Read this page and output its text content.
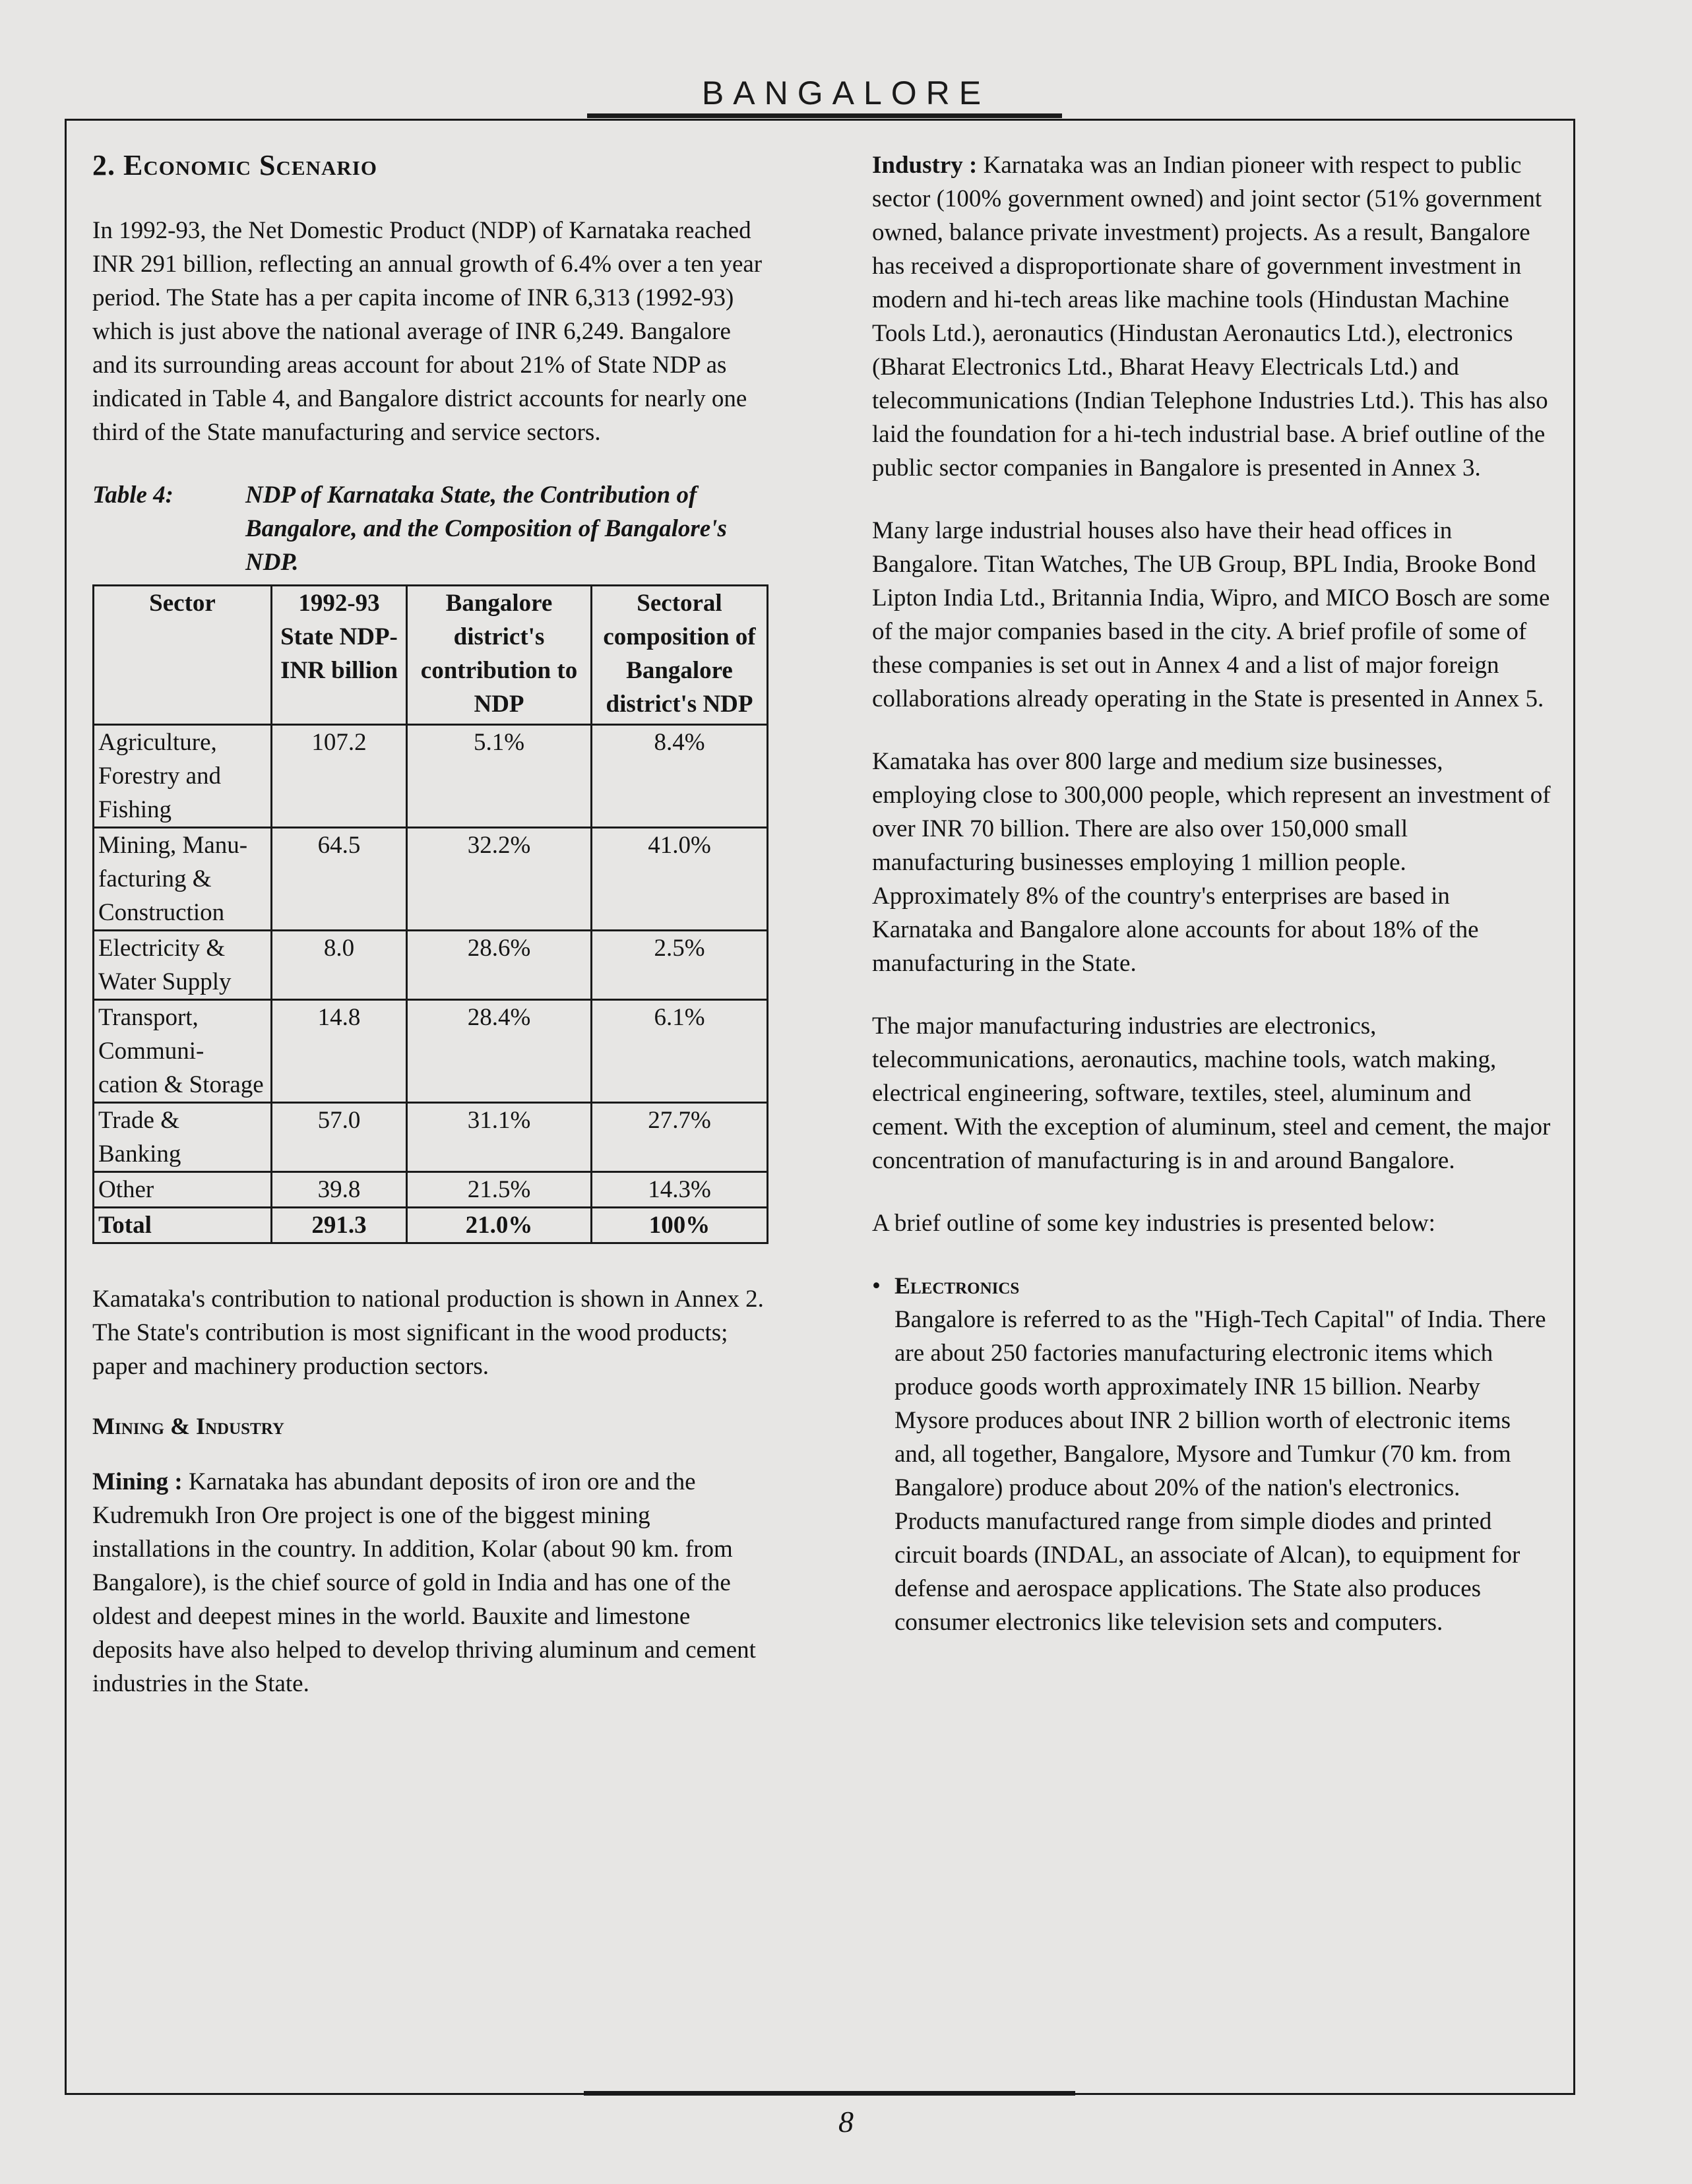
BANGALORE
2. Economic Scenario

In 1992-93, the Net Domestic Product (NDP) of Karnataka reached INR 291 billion, reflecting an annual growth of 6.4% over a ten year period. The State has a per capita income of INR 6,313 (1992-93) which is just above the national average of INR 6,249. Bangalore and its surrounding areas account for about 21% of State NDP as indicated in Table 4, and Bangalore district accounts for nearly one third of the State manufacturing and service sectors.

Table 4:	NDP of Karnataka State, the Contribution of Bangalore, and the Composition of Bangalore's NDP.
Sector	1992-93 State NDP- INR billion	Bangalore district's contribution to NDP	Sectoral composition of Bangalore district's NDP
Agriculture, Forestry and Fishing	107.2	5.1%	8.4%
Mining, Manu- facturing & Construction	64.5	32.2%	41.0%
Electricity & Water Supply	8.0	28.6%	2.5%
Transport, Communi- cation & Storage	14.8	28.4%	6.1%
Trade & Banking	57.0	31.1%	27.7%
Other	39.8	21.5%	14.3%
Total	291.3	21.0%	100%

Kamataka's contribution to national production is shown in Annex 2. The State's contribution is most significant in the wood products; paper and machinery production sectors.

Mining & Industry

Mining : Karnataka has abundant deposits of iron ore and the Kudremukh Iron Ore project is one of the biggest mining installations in the country. In addition, Kolar (about 90 km. from Bangalore), is the chief source of gold in India and has one of the oldest and deepest mines in the world. Bauxite and limestone deposits have also helped to develop thriving aluminum and cement industries in the State.

Industry : Karnataka was an Indian pioneer with respect to public sector (100% government owned) and joint sector (51% government owned, balance private investment) projects. As a result, Bangalore has received a disproportionate share of government investment in modern and hi-tech areas like machine tools (Hindustan Machine Tools Ltd.), aeronautics (Hindustan Aeronautics Ltd.), electronics (Bharat Electronics Ltd., Bharat Heavy Electricals Ltd.) and telecommunications (Indian Telephone Industries Ltd.). This has also laid the foundation for a hi-tech industrial base. A brief outline of the public sector companies in Bangalore is presented in Annex 3.

Many large industrial houses also have their head offices in Bangalore. Titan Watches, The UB Group, BPL India, Brooke Bond Lipton India Ltd., Britannia India, Wipro, and MICO Bosch are some of the major companies based in the city. A brief profile of some of these companies is set out in Annex 4 and a list of major foreign collaborations already operating in the State is presented in Annex 5.

Kamataka has over 800 large and medium size businesses, employing close to 300,000 people, which represent an investment of over INR 70 billion. There are also over 150,000 small manufacturing businesses employing 1 million people. Approximately 8% of the country's enterprises are based in Karnataka and Bangalore alone accounts for about 18% of the manufacturing in the State.

The major manufacturing industries are electronics, telecommunications, aeronautics, machine tools, watch making, electrical engineering, software, textiles, steel, aluminum and cement. With the exception of aluminum, steel and cement, the major concentration of manufacturing is in and around Bangalore.

A brief outline of some key industries is presented below:

• Electronics

Bangalore is referred to as the "High-Tech Capital" of India. There are about 250 factories manufacturing electronic items which produce goods worth approximately INR 15 billion. Nearby Mysore produces about INR 2 billion worth of electronic items and, all together, Bangalore, Mysore and Tumkur (70 km. from Bangalore) produce about 20% of the nation's electronics. Products manufactured range from simple diodes and printed circuit boards (INDAL, an associate of Alcan), to equipment for defense and aerospace applications. The State also produces consumer electronics like television sets and computers.

8
